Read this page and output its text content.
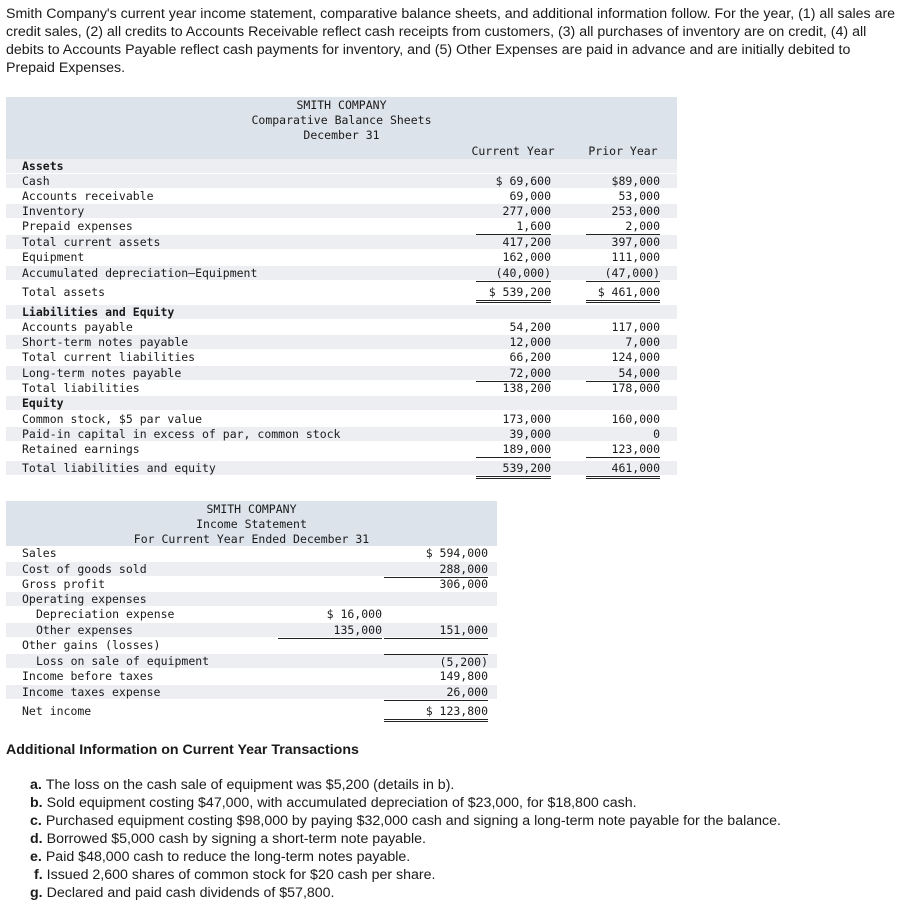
Smith Company's current year income statement, comparative balance sheets, and additional information follow. For the year, (1) all sales are credit sales, (2) all credits to Accounts Receivable reflect cash receipts from customers, (3) all purchases of inventory are on credit, (4) all debits to Accounts Payable reflect cash payments for inventory, and (5) Other Expenses are paid in advance and are initially debited to Prepaid Expenses.
SMITH COMPANY
Comparative Balance Sheets
December 31
Current Year	Prior Year
Assets
Cash	$ 69,600	$89,000
Accounts receivable	69,000	53,000
Inventory	277,000	253,000
Prepaid expenses	1,600	2,000
Total current assets	417,200	397,000
Equipment	162,000	111,000
Accumulated depreciation—Equipment	(40,000)	(47,000)
Total assets	$ 539,200	$ 461,000
Liabilities and Equity
Accounts payable	54,200	117,000
Short-term notes payable	12,000	7,000
Total current liabilities	66,200	124,000
Long-term notes payable	72,000	54,000
Total liabilities	138,200	178,000
Equity
Common stock, $5 par value	173,000	160,000
Paid-in capital in excess of par, common stock	39,000	0
Retained earnings	189,000	123,000
Total liabilities and equity	539,200	461,000
SMITH COMPANY
Income Statement
For Current Year Ended December 31
Sales	$ 594,000
Cost of goods sold	288,000
Gross profit	306,000
Operating expenses
Depreciation expense	$ 16,000
Other expenses	135,000	151,000
Other gains (losses)
Loss on sale of equipment	(5,200)
Income before taxes	149,800
Income taxes expense	26,000
Net income	$ 123,800
Additional Information on Current Year Transactions
a. The loss on the cash sale of equipment was $5,200 (details in b).
b. Sold equipment costing $47,000, with accumulated depreciation of $23,000, for $18,800 cash.
c. Purchased equipment costing $98,000 by paying $32,000 cash and signing a long-term note payable for the balance.
d. Borrowed $5,000 cash by signing a short-term note payable.
e. Paid $48,000 cash to reduce the long-term notes payable.
f. Issued 2,600 shares of common stock for $20 cash per share.
g. Declared and paid cash dividends of $57,800.
